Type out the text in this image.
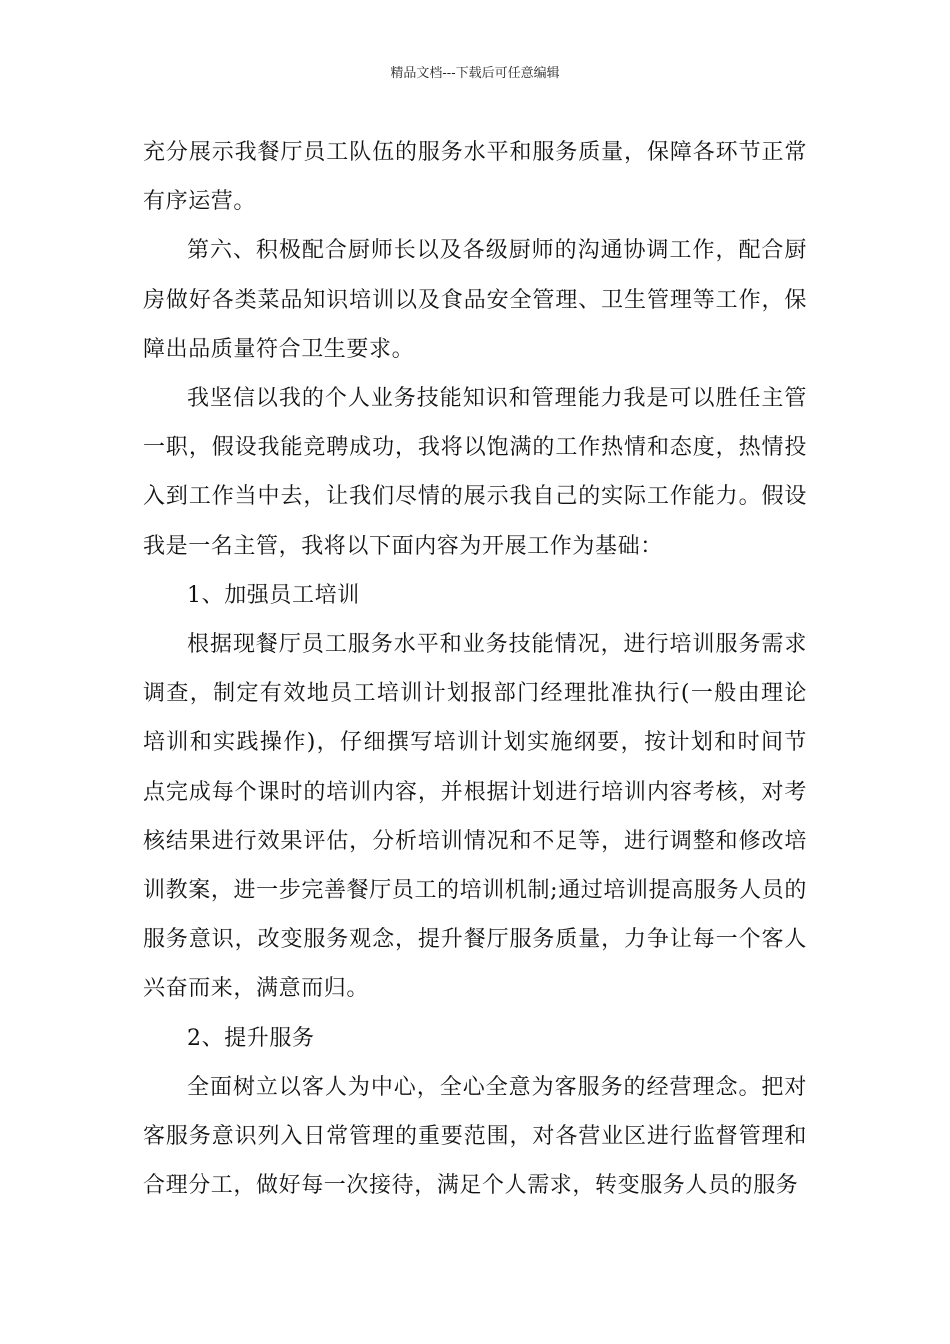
精品文档---下载后可任意编辑

充分展示我餐厅员工队伍的服务水平和服务质量，保障各环节正常有序运营。

第六、积极配合厨师长以及各级厨师的沟通协调工作，配合厨房做好各类菜品知识培训以及食品安全管理、卫生管理等工作，保障出品质量符合卫生要求。

我坚信以我的个人业务技能知识和管理能力我是可以胜任主管一职，假设我能竞聘成功，我将以饱满的工作热情和态度，热情投入到工作当中去，让我们尽情的展示我自己的实际工作能力。假设我是一名主管，我将以下面内容为开展工作为基础：

1、加强员工培训

根据现餐厅员工服务水平和业务技能情况，进行培训服务需求调查，制定有效地员工培训计划报部门经理批准执行(一般由理论培训和实践操作)，仔细撰写培训计划实施纲要，按计划和时间节点完成每个课时的培训内容，并根据计划进行培训内容考核，对考核结果进行效果评估，分析培训情况和不足等，进行调整和修改培训教案，进一步完善餐厅员工的培训机制;通过培训提高服务人员的服务意识，改变服务观念，提升餐厅服务质量，力争让每一个客人兴奋而来，满意而归。

2、提升服务

全面树立以客人为中心，全心全意为客服务的经营理念。把对客服务意识列入日常管理的重要范围，对各营业区进行监督管理和合理分工，做好每一次接待，满足个人需求，转变服务人员的服务
